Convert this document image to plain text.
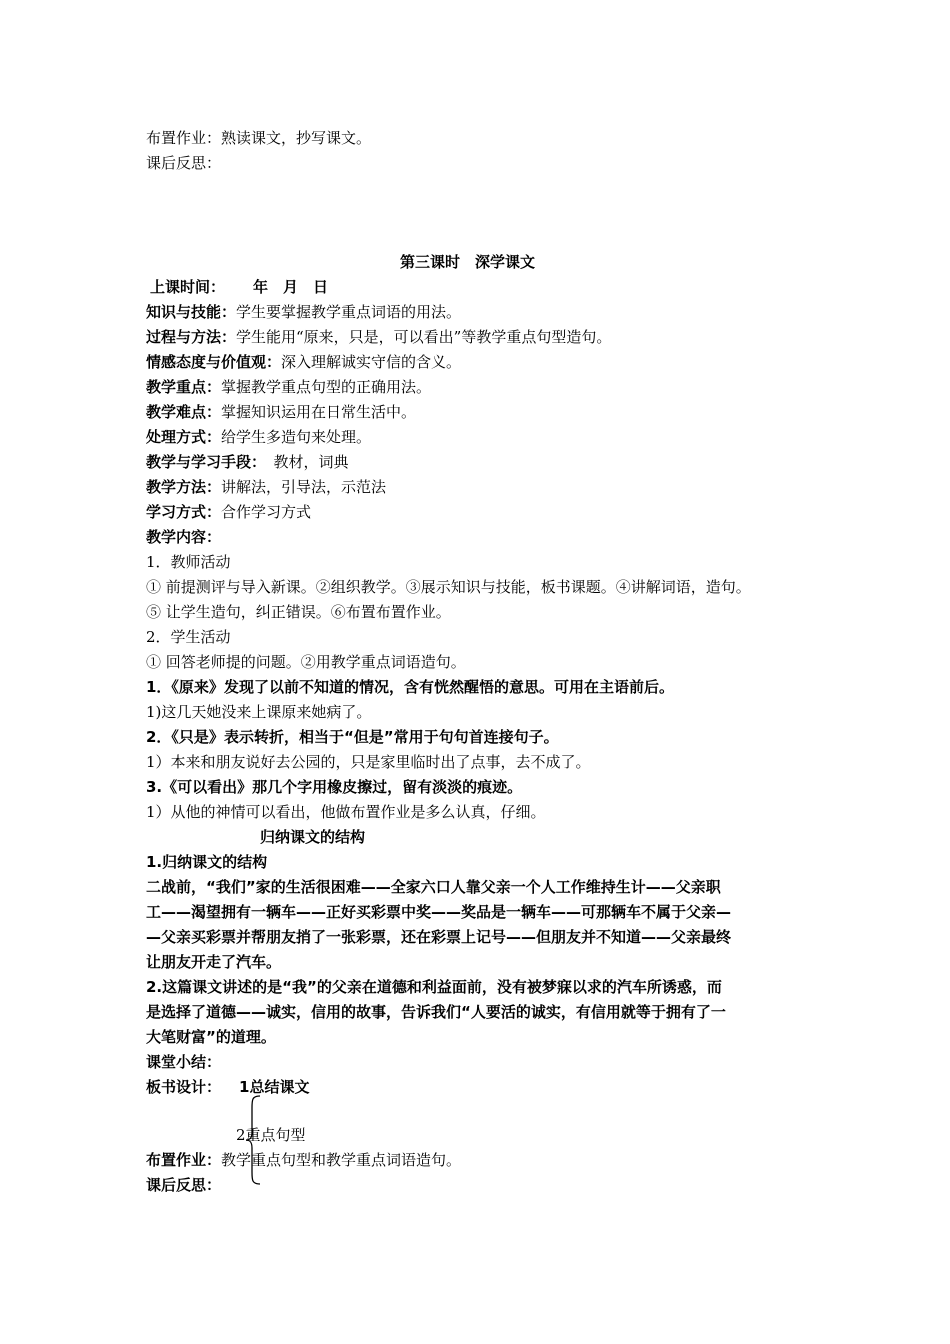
布置作业：熟读课文，抄写课文。
课后反思：
第三课时　深学课文
上课时间： 年　月　日
知识与技能：学生要掌握教学重点词语的用法。
过程与方法：学生能用“原来，只是，可以看出”等教学重点句型造句。
情感态度与价值观：深入理解诚实守信的含义。
教学重点：掌握教学重点句型的正确用法。
教学难点：掌握知识运用在日常生活中。
处理方式：给学生多造句来处理。
教学与学习手段：　教材，词典
教学方法：讲解法，引导法，示范法
学习方式：合作学习方式
教学内容：
1．教师活动
① 前提测评与导入新课。②组织教学。③展示知识与技能，板书课题。④讲解词语，造句。
⑤ 让学生造句，纠正错误。⑥布置布置作业。
2．学生活动
① 回答老师提的问题。②用教学重点词语造句。
1．《原来》发现了以前不知道的情况，含有恍然醒悟的意思。可用在主语前后。
1)这几天她没来上课原来她病了。
2．《只是》表示转折，相当于“但是”常用于句句首连接句子。
1）本来和朋友说好去公园的，只是家里临时出了点事，去不成了。
3.《可以看出》那几个字用橡皮擦过，留有淡淡的痕迹。
1）从他的神情可以看出，他做布置作业是多么认真，仔细。
归纳课文的结构
1.归纳课文的结构
二战前，“我们”家的生活很困难——全家六口人靠父亲一个人工作维持生计——父亲职
工——渴望拥有一辆车——正好买彩票中奖——奖品是一辆车——可那辆车不属于父亲—
—父亲买彩票并帮朋友捎了一张彩票，还在彩票上记号——但朋友并不知道——父亲最终
让朋友开走了汽车。
2.这篇课文讲述的是“我”的父亲在道德和利益面前，没有被梦寐以求的汽车所诱惑，而
是选择了道德——诚实，信用的故事，告诉我们“人要活的诚实，有信用就等于拥有了一
大笔财富”的道理。
课堂小结：
板书设计： 1总结课文
2重点句型
布置作业：教学重点句型和教学重点词语造句。
课后反思：
